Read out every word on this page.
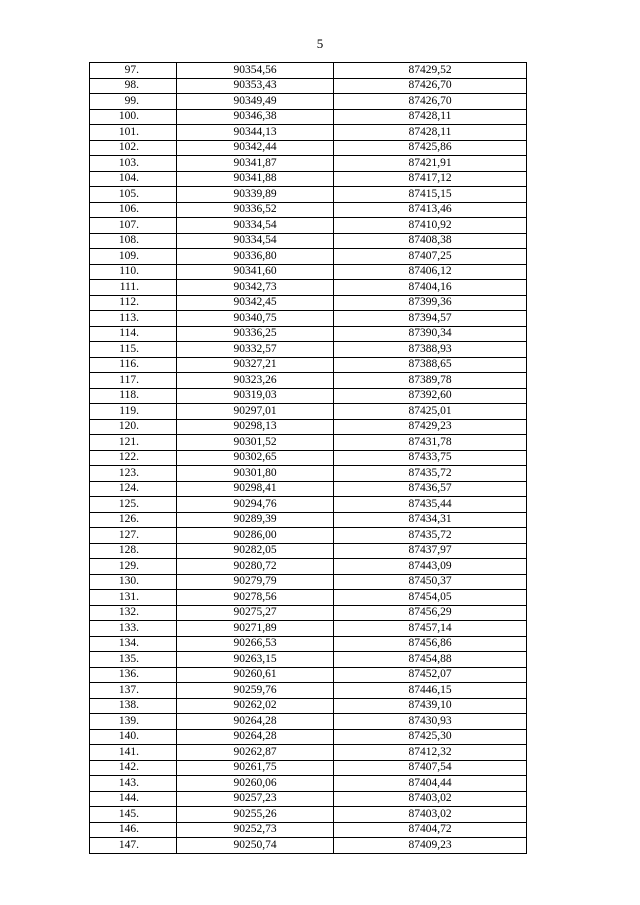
5
97.	90354,56	87429,52
98.	90353,43	87426,70
99.	90349,49	87426,70
100.	90346,38	87428,11
101.	90344,13	87428,11
102.	90342,44	87425,86
103.	90341,87	87421,91
104.	90341,88	87417,12
105.	90339,89	87415,15
106.	90336,52	87413,46
107.	90334,54	87410,92
108.	90334,54	87408,38
109.	90336,80	87407,25
110.	90341,60	87406,12
111.	90342,73	87404,16
112.	90342,45	87399,36
113.	90340,75	87394,57
114.	90336,25	87390,34
115.	90332,57	87388,93
116.	90327,21	87388,65
117.	90323,26	87389,78
118.	90319,03	87392,60
119.	90297,01	87425,01
120.	90298,13	87429,23
121.	90301,52	87431,78
122.	90302,65	87433,75
123.	90301,80	87435,72
124.	90298,41	87436,57
125.	90294,76	87435,44
126.	90289,39	87434,31
127.	90286,00	87435,72
128.	90282,05	87437,97
129.	90280,72	87443,09
130.	90279,79	87450,37
131.	90278,56	87454,05
132.	90275,27	87456,29
133.	90271,89	87457,14
134.	90266,53	87456,86
135.	90263,15	87454,88
136.	90260,61	87452,07
137.	90259,76	87446,15
138.	90262,02	87439,10
139.	90264,28	87430,93
140.	90264,28	87425,30
141.	90262,87	87412,32
142.	90261,75	87407,54
143.	90260,06	87404,44
144.	90257,23	87403,02
145.	90255,26	87403,02
146.	90252,73	87404,72
147.	90250,74	87409,23
